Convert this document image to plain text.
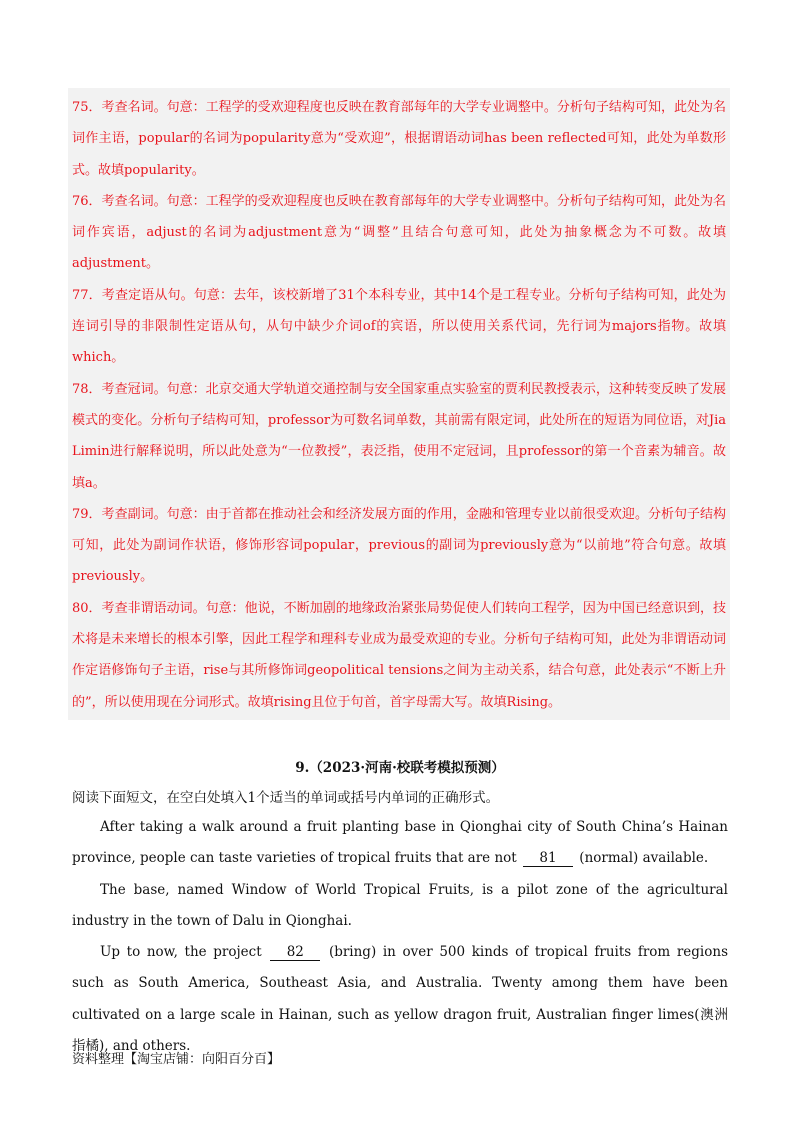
75．考查名词。句意：工程学的受欢迎程度也反映在教育部每年的大学专业调整中。分析句子结构可知，此处为名词作主语，popular的名词为popularity意为“受欢迎”，根据谓语动词has been reflected可知，此处为单数形式。故填popularity。

76．考查名词。句意：工程学的受欢迎程度也反映在教育部每年的大学专业调整中。分析句子结构可知，此处为名词作宾语，adjust的名词为adjustment意为“调整”且结合句意可知，此处为抽象概念为不可数。故填adjustment。

77．考查定语从句。句意：去年，该校新增了31个本科专业，其中14个是工程专业。分析句子结构可知，此处为连词引导的非限制性定语从句，从句中缺少介词of的宾语，所以使用关系代词，先行词为majors指物。故填which。

78．考查冠词。句意：北京交通大学轨道交通控制与安全国家重点实验室的贾利民教授表示，这种转变反映了发展模式的变化。分析句子结构可知，professor为可数名词单数，其前需有限定词，此处所在的短语为同位语，对Jia Limin进行解释说明，所以此处意为“一位教授”，表泛指，使用不定冠词，且professor的第一个音素为辅音。故填a。

79．考查副词。句意：由于首都在推动社会和经济发展方面的作用，金融和管理专业以前很受欢迎。分析句子结构可知，此处为副词作状语，修饰形容词popular，previous的副词为previously意为“以前地”符合句意。故填previously。

80．考查非谓语动词。句意：他说，不断加剧的地缘政治紧张局势促使人们转向工程学，因为中国已经意识到，技术将是未来增长的根本引擎，因此工程学和理科专业成为最受欢迎的专业。分析句子结构可知，此处为非谓语动词作定语修饰句子主语，rise与其所修饰词geopolitical tensions之间为主动关系，结合句意，此处表示“不断上升的”，所以使用现在分词形式。故填rising且位于句首，首字母需大写。故填Rising。

9.（2023·河南·校联考模拟预测）

阅读下面短文，在空白处填入1个适当的单词或括号内单词的正确形式。

After taking a walk around a fruit planting base in Qionghai city of South China’s Hainan province, people can taste varieties of tropical fruits that are not 81 (normal) available.

The base, named Window of World Tropical Fruits, is a pilot zone of the agricultural industry in the town of Dalu in Qionghai.

Up to now, the project 82 (bring) in over 500 kinds of tropical fruits from regions such as South America, Southeast Asia, and Australia. Twenty among them have been cultivated on a large scale in Hainan, such as yellow dragon fruit, Australian finger limes(澳洲指橘), and others.

资料整理【淘宝店铺：向阳百分百】
